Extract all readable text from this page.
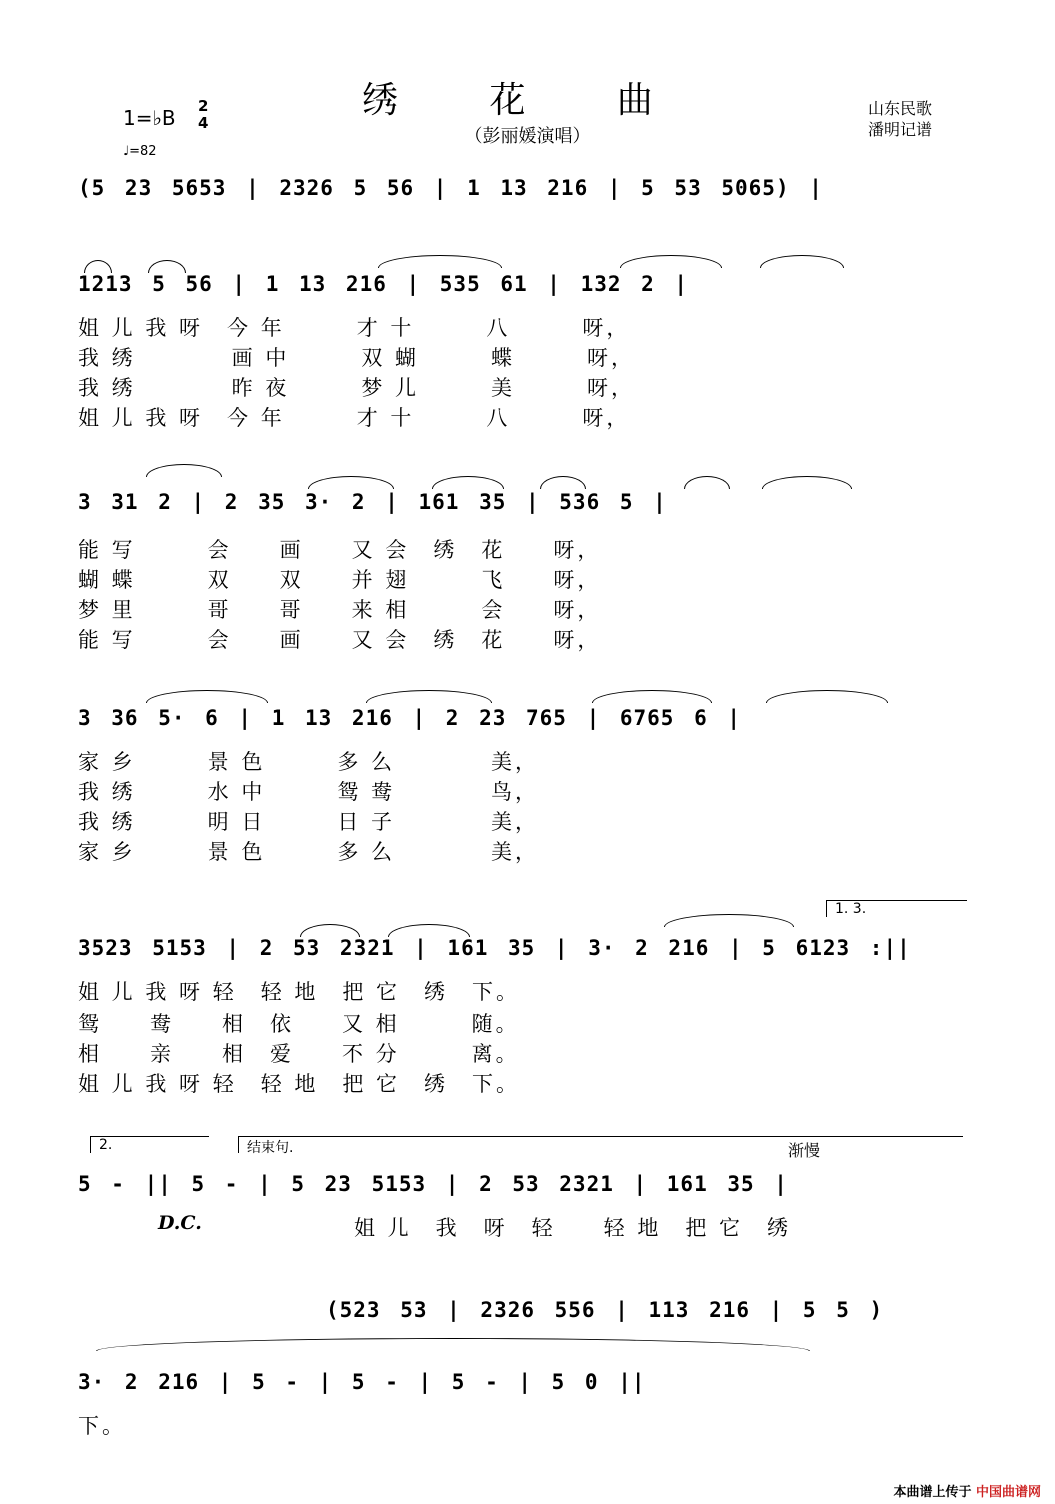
绣 花 曲
（彭丽媛演唱）
1=♭B 2
4
♩=82
山东民歌
潘明记谱
(5 23 5653 | 2326 5 56 | 1 13 216 | 5 53 5065) |
1213 5 56 | 1 13 216 | 535 61 | 132 2 |
姐 儿 我 呀　今 年　　　才 十　　　八　　　呀，
我 绣　　　　画 中　　　双 蝴　　　蝶　　　呀，
我 绣　　　　昨 夜　　　梦 儿　　　美　　　呀，
姐 儿 我 呀　今 年　　　才 十　　　八　　　呀，
3 31 2 | 2 35 3· 2 | 161 35 | 536 5 |
能 写　　　会　　画　　又 会　绣　花　　呀，
蝴 蝶　　　双　　双　　并 翅　　　飞　　呀，
梦 里　　　哥　　哥　　来 相　　　会　　呀，
能 写　　　会　　画　　又 会　绣　花　　呀，
3 36 5· 6 | 1 13 216 | 2 23 765 | 6765 6 |
家 乡　　　景 色　　　多 么　　　　美，
我 绣　　　水 中　　　鸳 鸯　　　　鸟，
我 绣　　　明 日　　　日 子　　　　美，
家 乡　　　景 色　　　多 么　　　　美，
1. 3.
3523 5153 | 2 53 2321 | 161 35 | 3· 2 216 | 5 6123 :||
姐 儿 我 呀 轻　轻 地　把 它　绣　下。
鸳　　鸯　　相　依　　又 相　　　随。
相　　亲　　相　爱　　不 分　　　离。
姐 儿 我 呀 轻　轻 地　把 它　绣　下。
2.	结束句.	渐慢
5 - || 5 - | 5 23 5153 | 2 53 2321 | 161 35 |
D.C.	姐 儿　我　呀　轻　　轻 地　把 它　绣
(523 53 | 2326 556 | 113 216 | 5 5 )
3· 2 216 | 5 - | 5 - | 5 - | 5 0 ||
下。
本曲谱上传于 中国曲谱网
